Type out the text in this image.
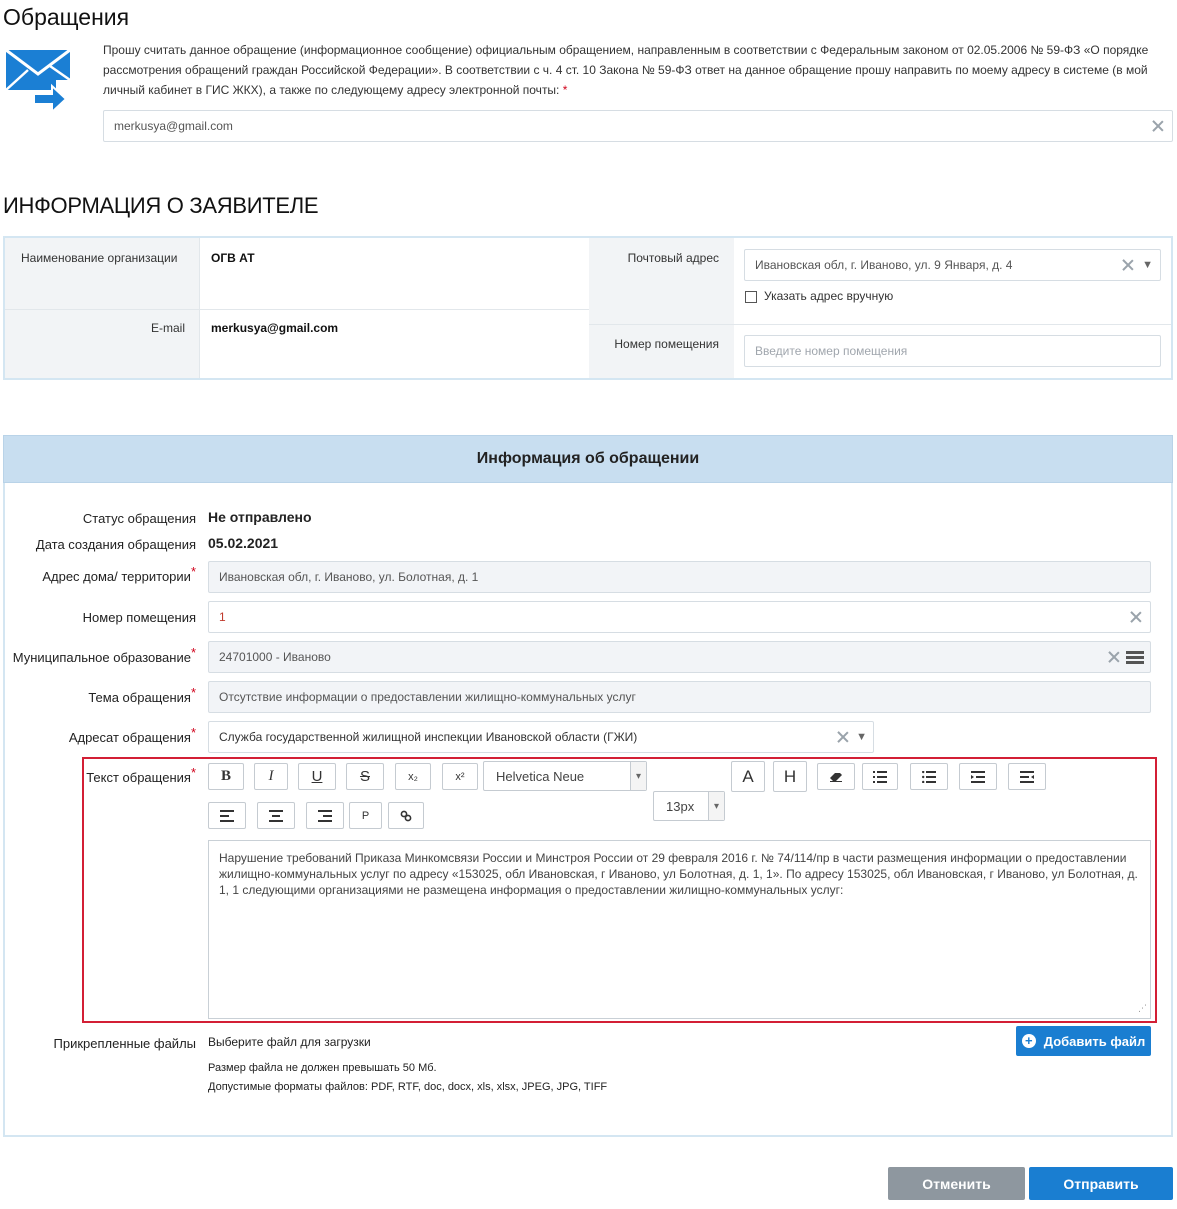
Обращения
Прошу считать данное обращение (информационное сообщение) официальным обращением, направленным в соответствии с Федеральным законом от 02.05.2006 № 59-ФЗ «О порядке рассмотрения обращений граждан Российской Федерации». В соответствии с ч. 4 ст. 10 Закона № 59-ФЗ ответ на данное обращение прошу направить по моему адресу в системе (в мой личный кабинет в ГИС ЖКХ), а также по следующему адресу электронной почты: *
merkusya@gmail.com
ИНФОРМАЦИЯ О ЗАЯВИТЕЛЕ
Наименование организации	ОГВ АТ
E-mail merkusya@gmail.com
Почтовый адрес	Ивановская обл, г. Иваново, ул. 9 Января, д. 4	▼
Указать адрес вручную
Номер помещения	Введите номер помещения
Информация об обращении
Статус обращения Не отправлено
Дата создания обращения 05.02.2021
Адрес дома/ территории* Ивановская обл, г. Иваново, ул. Болотная, д. 1
Номер помещения 1
Муниципальное образование* 24701000 - Иваново
Тема обращения* Отсутствие информации о предоставлении жилищно-коммунальных услуг
Адресат обращения* Служба государственной жилищной инспекции Ивановской области (ГЖИ)	▼
Текст обращения*	B	I	U	S	x₂	x²	Helvetica Neue	▾
13px	▾
A	H
P
Нарушение требований Приказа Минкомсвязи России и Минстроя России от 29 февраля 2016 г. № 74/114/пр в части размещения информации о предоставлении жилищно-коммунальных услуг по адресу «153025, обл Ивановская, г Иваново, ул Болотная, д. 1, 1». По адресу 153025, обл Ивановская, г Иваново, ул Болотная, д. 1, 1 следующими организациями не размещена информация о предоставлении жилищно-коммунальных услуг:
⋰
Прикрепленные файлы Выберите файл для загрузки
Размер файла не должен превышать 50 Мб.
Допустимые форматы файлов: PDF, RTF, doc, docx, xls, xlsx, JPEG, JPG, TIFF
+ Добавить файл
Отменить	Отправить
